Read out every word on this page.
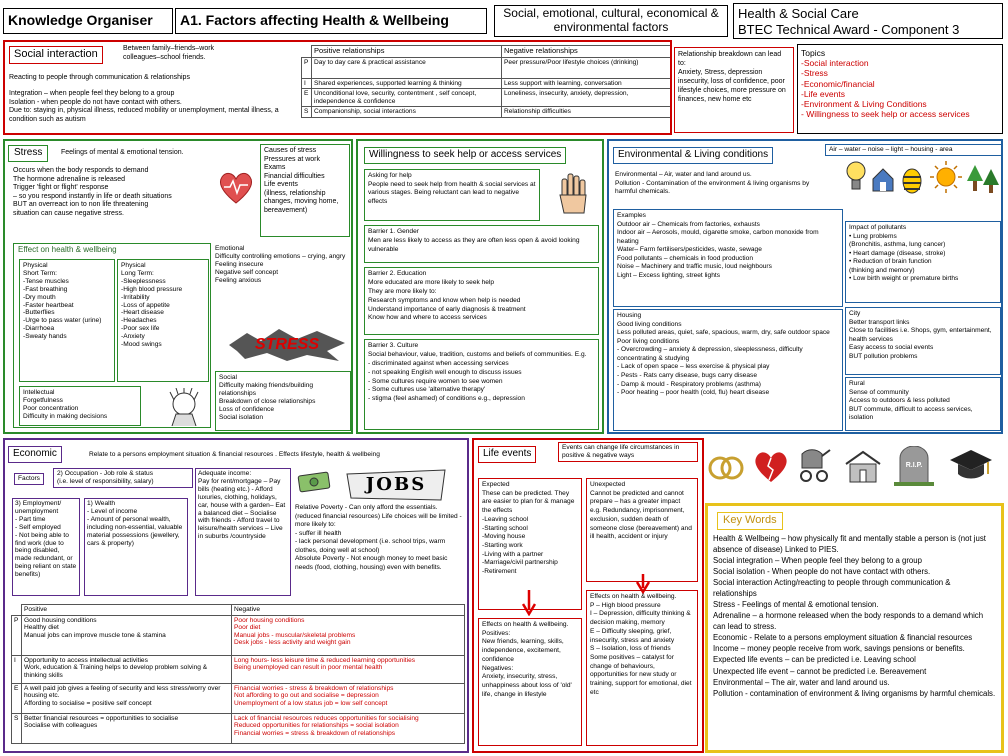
Knowledge Organiser	A1. Factors affecting Health & Wellbeing	Social, emotional, cultural, economical & environmental factors
Health & Social Care
BTEC Technical Award - Component 3
Social interaction	Between family–friends–work colleagues–school friends.
Reacting to people through communication & relationships
Integration – when people feel they belong to a group
Isolation - when people do not have contact with others.
Due to: staying in, physical illness, reduced mobility or unemployment, mental illness, a condition such as autism
	Positive relationships	Negative relationships
P	Day to day care & practical assistance	Peer pressure/Poor lifestyle choices (drinking)
I	Shared experiences, supported learning & thinking	Less support with learning, conversation
E	Unconditional love, security, contentment , self concept, independence & confidence	Loneliness, insecurity, anxiety, depression,
S	Companionship, social interactions	Relationship difficulties
Relationship breakdown can lead to:
Anxiety, Stress, depression insecurity, loss of confidence, poor lifestyle choices, more pressure on finances, new home etc
Topics
-Social interaction
-Stress
-Economic/financial
-Life events
-Environment & Living Conditions
- Willingness to seek help or access services
Stress	Feelings of mental & emotional tension.
Occurs when the body responds to demand
The hormone adrenaline is released
Trigger 'fight or flight' response
– so you respond instantly in life or death situations
BUT an overreact ion to non life threatening
situation can cause negative stress.
Causes of stress
Pressures at work
Exams
Financial difficulties
Life events
(illness, relationship changes, moving home, bereavement)
Effect on health & wellbeing
Physical
Short Term:
-Tense muscles
-Fast breathing
-Dry mouth
-Faster heartbeat
-Butterflies
-Urge to pass water (urine)
-Diarrhoea
-Sweaty hands
Physical
Long Term:
-Sleeplessness
-High blood pressure
-Irritability
-Loss of appetite
-Heart disease
-Headaches
-Poor sex life
-Anxiety
-Mood swings
Intellectual
Forgetfulness
Poor concentration
Difficulty in making decisions
Emotional
Difficulty controlling emotions – crying, angry
Feeling insecure
Negative self concept
Feeling anxious
STRESS
Social
Difficulty making friends/building relationships
Breakdown of close relationships
Loss of confidence
Social isolation
Willingness to seek help or access services
Asking for help
People need to seek help from health & social services at various stages. Being reluctant can lead to negative effects
Barrier 1. Gender
Men are less likely to access as they are often less open & avoid looking vulnerable
Barrier 2. Education
More educated are more likely to seek help
They are more likely to:
Research symptoms and know when help is needed
Understand importance of early diagnosis & treatment
Know how and where to access services
Barrier 3. Culture
Social behaviour, value, tradition, customs and beliefs of communities. E.g.
- discriminated against when accessing services
- not speaking English well enough to discuss issues
- Some cultures require women to see women
- Some cultures use 'alternative therapy'
- stigma (feel ashamed) of conditions e.g., depression
Environmental & Living conditions	Air – water – noise – light – housing - area
Environmental – Air, water and land around us.
Pollution - Contamination of the environment & living organisms by harmful chemicals.
Examples
Outdoor air – Chemicals from factories, exhausts
Indoor air – Aerosols, mould, cigarette smoke, carbon monoxide from heating
Water– Farm fertilisers/pesticides, waste, sewage
Food pollutants – chemicals in food production
Noise – Machinery and traffic music, loud neighbours
Light – Excess lighting, street lights
Impact of pollutants
• Lung problems
(Bronchitis, asthma, lung cancer)
• Heart damage (disease, stroke)
• Reduction of brain function
(thinking and memory)
• Low birth weight or premature births
Housing
Good living conditions
Less polluted areas, quiet, safe, spacious, warm, dry, safe outdoor space
Poor living conditions
- Overcrowding – anxiety & depression, sleeplessness, difficulty concentrating & studying
- Lack of open space – less exercise & physical play
- Pests - Rats carry disease, bugs carry disease
- Damp & mould - Respiratory problems (asthma)
- Poor heating – poor health (cold, flu) heart disease
City
Better transport links
Close to facilities i.e. Shops, gym, entertainment, health services
Easy access to social events
BUT pollution problems
Rural
Sense of community
Access to outdoors & less polluted
BUT commute, difficult to access services, isolation
Economic	Relate to a persons employment situation & financial resources . Effects lifestyle, health & wellbeing
Factors
2) Occupation - Job role & status
(i.e. level of responsibility, salary)
3) Employment/ unemployment
- Part time
- Self employed
- Not being able to find work (due to being disabled, made redundant, or being reliant on state benefits)
1) Wealth
- Level of income
- Amount of personal wealth, including non-essential, valuable material possessions (jewellery, cars & property)
Adequate income:
Pay for rent/mortgage – Pay bills (heating etc.) - Afford luxuries, clothing, holidays, car, house with a garden– Eat a balanced diet – Socialise with friends - Afford travel to leisure/health services – Live in suburbs /countryside
JOBS
Relative Poverty - Can only afford the essentials. (reduced financial resources) Life choices will be limited - more likely to:
- suffer ill health
- lack personal development (i.e. school trips, warm clothes, doing well at school)
Absolute Poverty - Not enough money to meet basic needs (food, clothing, housing) even with benefits.
	Positive	Negative
P	Good housing conditions
Healthy diet
Manual jobs can improve muscle tone & stamina	Poor housing conditions
Poor diet
Manual jobs - muscular/skeletal problems
Desk jobs - less activity and weight gain
I	Opportunity to access intellectual activities
Work, education & Training helps to develop problem solving & thinking skills	Long hours- less leisure time & reduced learning opportunities
Being unemployed can result in poor mental health
E	A well paid job gives a feeling of security and less stress/worry over housing etc.
Affording to socialise = positive self concept	Financial worries - stress & breakdown of relationships
Not affording to go out and socialise = depression
Unemployment of a low status job = low self concept
S	Better financial resources = opportunities to socialise
Socialise with colleagues	Lack of financial resources reduces opportunities for socialising
Reduced opportunities for relationships = social isolation
Financial worries = stress & breakdown of relationships
Life events
Events can change life circumstances in positive & negative ways
Expected
These can be predicted. They are easier to plan for & manage the effects
-Leaving school
-Starting school
-Moving house
-Starting work
-Living with a partner
-Marriage/civil partnership
-Retirement
Unexpected
Cannot be predicted and cannot prepare – has a greater impact
e.g. Redundancy, imprisonment, exclusion, sudden death of someone close (bereavement) and ill health, accident or injury
Effects on health & wellbeing.
Positives:
New friends, learning, skills, independence, excitement, confidence
Negatives:
Anxiety, insecurity, stress, unhappiness about loss of 'old' life, change in lifestyle
Effects on health & wellbeing.
P – High blood pressure
I – Depression, difficulty thinking & decision making, memory
E – Difficulty sleeping, grief, insecurity, stress and anxiety
S – Isolation, loss of friends
Some positives – catalyst for change of behaviours, opportunities for new study or training, support for emotional, diet etc
R.I.P.
Key Words
Health & Wellbeing – how physically fit and mentally stable a person is (not just absence of disease) Linked to PIES.
Social integration – When people feel they belong to a group
Social isolation - When people do not have contact with others.
Social interaction Acting/reacting to people through communication & relationships
Stress - Feelings of mental & emotional tension.
Adrenaline – a hormone released when the body responds to a demand which can lead to stress.
Economic - Relate to a persons employment situation & financial resources
Income – money people receive from work, savings pensions or benefits.
Expected life events – can be predicted i.e. Leaving school
Unexpected life event – cannot be predicted i.e. Bereavement
Environmental – The air, water and land around us.
Pollution - contamination of environment & living organisms by harmful chemicals.
